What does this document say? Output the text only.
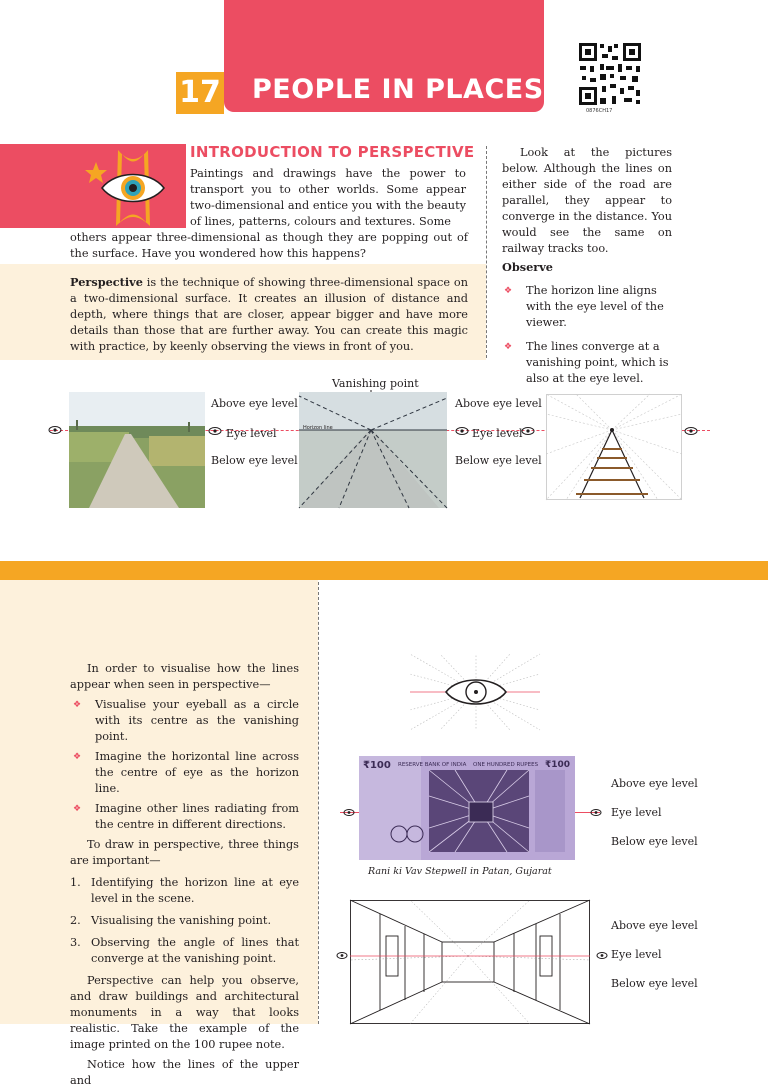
17 PEOPLE IN PLACES
0876CH17
INTRODUCTION TO PERSPECTIVE

Paintings and drawings have the power to transport you to other worlds. Some appear two-dimensional and entice you with the beauty of lines, patterns, colours and textures. Some

others appear three-dimensional as though they are popping out of the surface. Have you wondered how this happens?

Perspective is the technique of showing three-dimensional space on a two-dimensional surface. It creates an illusion of distance and depth, where things that are closer, appear bigger and have more details than those that are further away. You can create this magic with practice, by keenly observing the views in front of you.

Look at the pictures below. Although the lines on either side of the road are parallel, they appear to converge in the distance. You would see the same on railway tracks too.

Observe
❖ The horizon line aligns with the eye level of the viewer.
❖ The lines converge at a vanishing point, which is also at the eye level.
Vanishing point
Above eye level
Eye level
Below eye level
Horizon line
Above eye level
Eye level
Below eye level

In order to visualise how the lines appear when seen in perspective—

❖ Visualise your eyeball as a circle with its centre as the vanishing point.
❖ Imagine the horizontal line across the centre of eye as the horizon line.
❖ Imagine other lines radiating from the centre in different directions.

To draw in perspective, three things are important—

1. Identifying the horizon line at eye level in the scene.
2. Visualising the vanishing point.
3. Observing the angle of lines that converge at the vanishing point.

Perspective can help you observe, and draw buildings and architectural monuments in a way that looks realistic. Take the example of the image printed on the 100 rupee note.

Notice how the lines of the upper and

₹100 RESERVE BANK OF INDIA ONE HUNDRED RUPEES ₹100
Above eye level
Eye level
Below eye level
Rani ki Vav Stepwell in Patan, Gujarat
Above eye level
Eye level
Below eye level
